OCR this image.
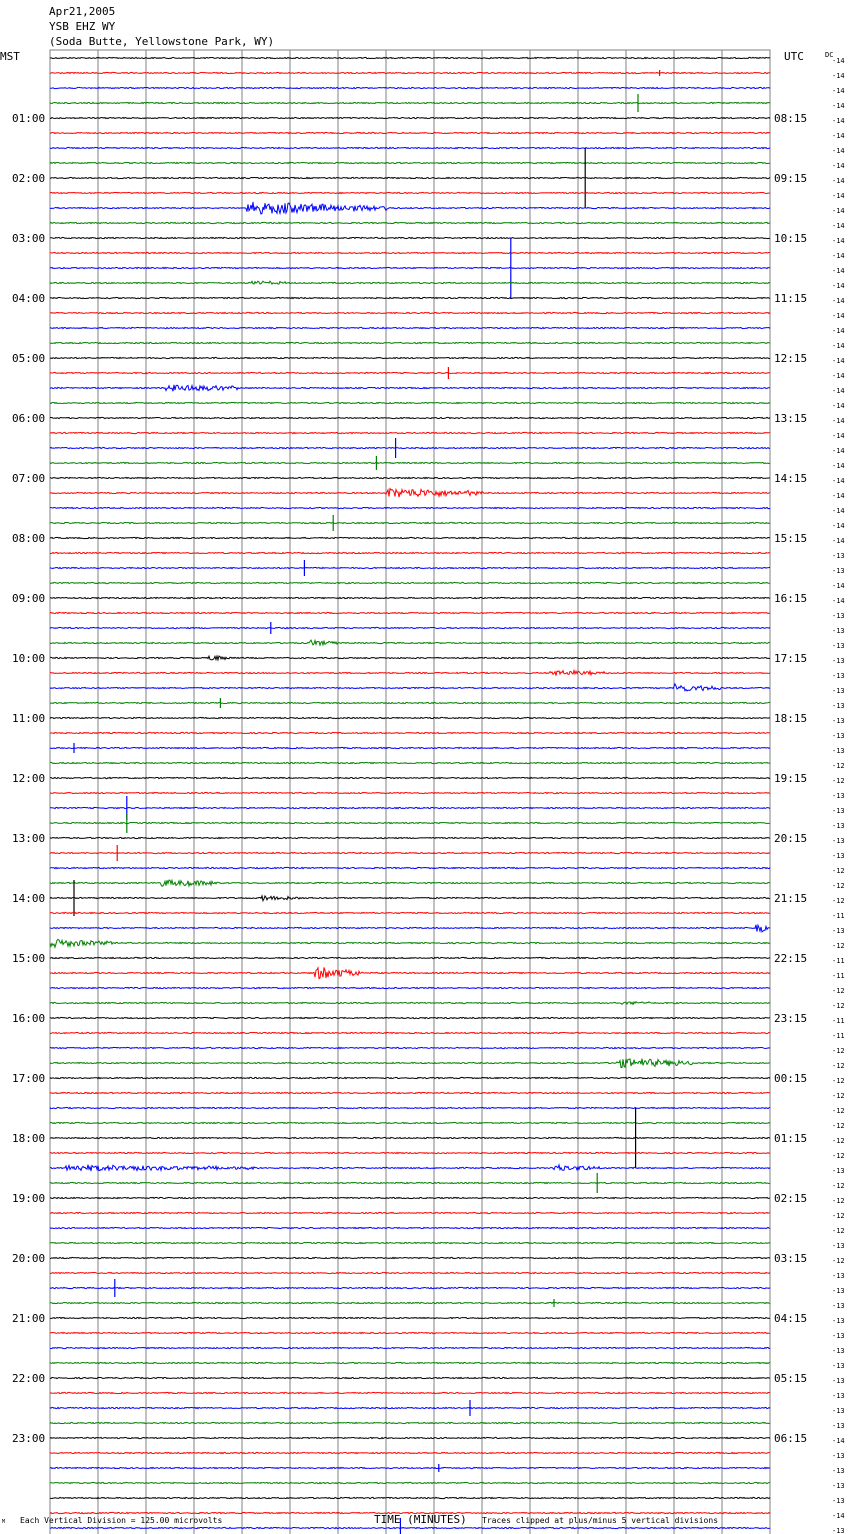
-14
-14
-14
-14
-14
-14
-14
-14
-14
-14
-14
-14
-14
-14
-14
-14
-14
-14
-14
-14
-14
-14
-14
-14
-14
-14
-14
-14
-14
-14
-14
-14
-14
-13
-13
-14
-14
-13
-13
-13
-13
-13
-13
-13
-13
-13
-13
-12
-12
-13
-13
-13
-13
-13
-12
-12
-12
-11
-13
-12
-11
-11
-12
-12
-11
-11
-12
-12
-12
-12
-12
-12
-12
-12
-13
-12
-12
-12
-12
-13
-12
-13
-13
-13
-13
-13
-13
-13
-13
-13
-13
-13
-14
-13
-13
-13
-13
-14
-13
01:00	08:15
02:00	09:15
03:00	10:15
04:00	11:15
05:00	12:15
06:00	13:15
07:00	14:15
08:00	15:15
09:00	16:15
10:00	17:15
11:00	18:15
12:00	19:15
13:00	20:15
14:00	21:15
15:00	22:15
16:00	23:15
17:00	00:15
18:00	01:15
19:00	02:15
20:00	03:15
21:00	04:15
22:00	05:15
23:00	06:15
Apr21,2005
YSB EHZ WY
(Soda Butte, Yellowstone Park, WY)
MST	UTC	DC
M Each Vertical Division = 125.00 microvolts	TIME (MINUTES) Traces clipped at plus/minus 5 vertical divisions
